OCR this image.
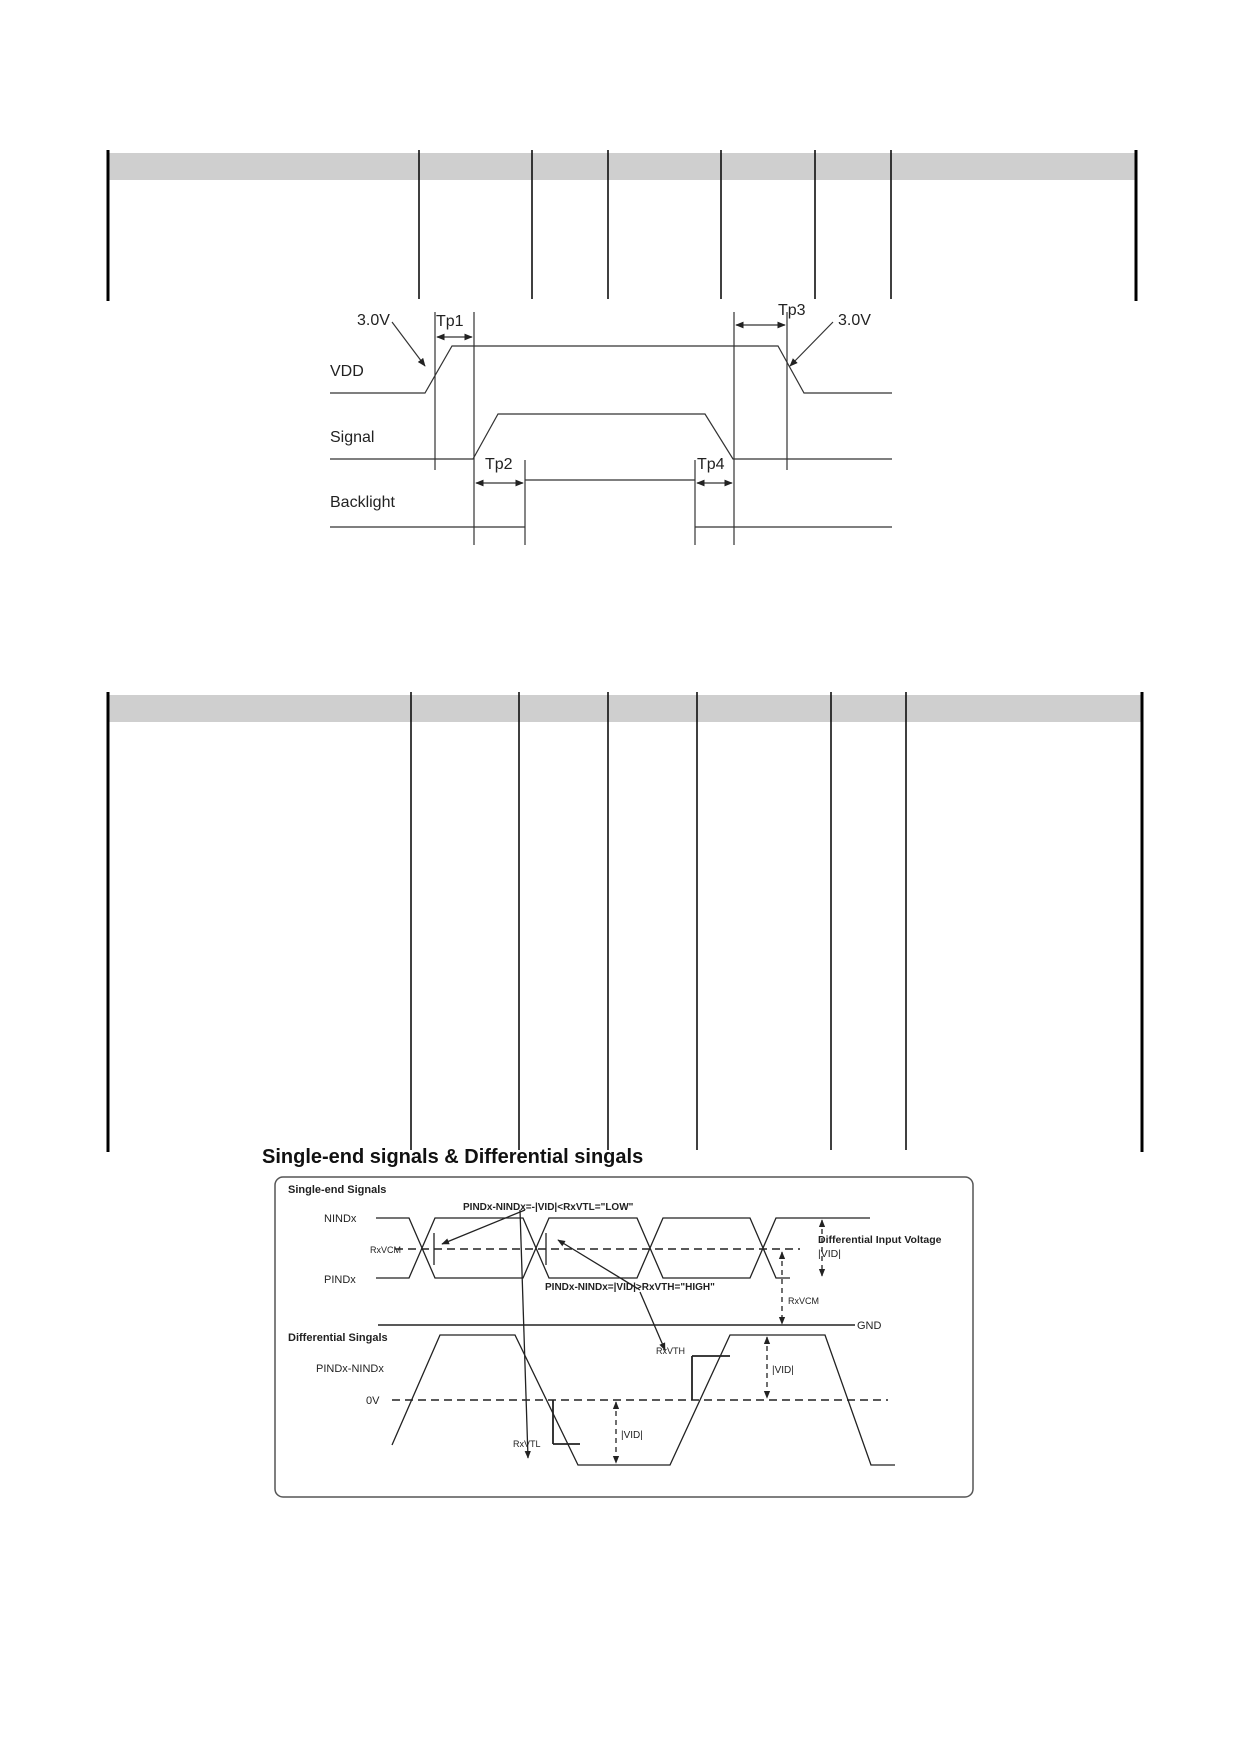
VDD
Signal
Backlight
3.0V	3.0V
Tp1
Tp2
Tp3
Tp4
Single-end signals & Differential singals
Single-end Signals
NINDx
PINDx
RxVCM
PINDx-NINDx=-|VID|<RxVTL="LOW"
PINDx-NINDx=|VID|>RxVTH="HIGH"
Differential Input Voltage
|VID|
RxVCM
GND
Differential Singals
PINDx-NINDx
0V
RxVTH
RxVTL
|VID|
|VID|
